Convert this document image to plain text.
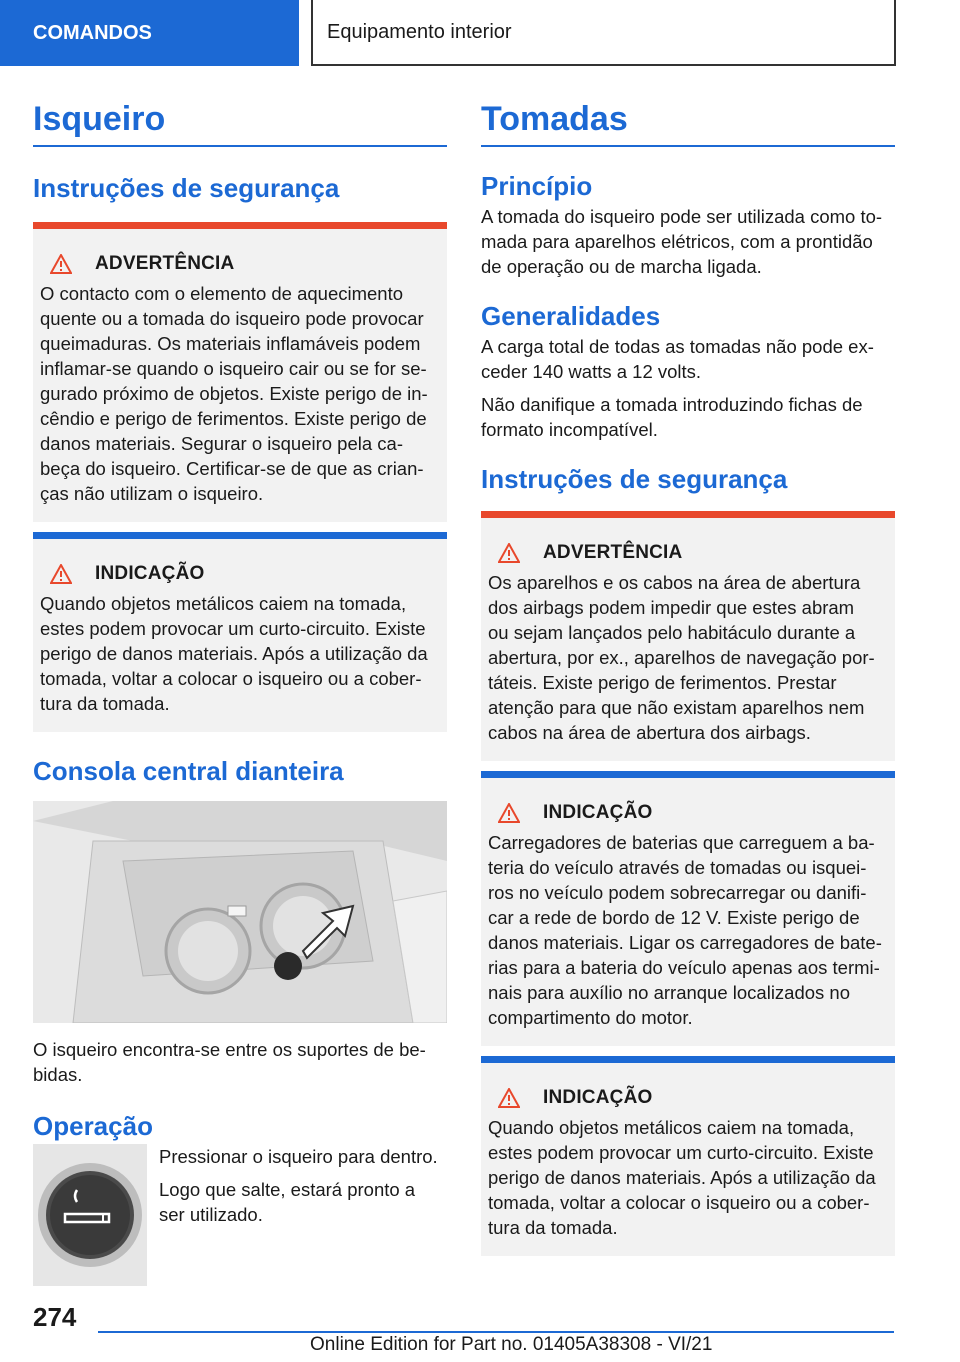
COMANDOS	Equipamento interior
Isqueiro
Instruções de segurança
ADVERTÊNCIA

O contacto com o elemento de aquecimento

quente ou a tomada do isqueiro pode provocar

queimaduras. Os materiais inflamáveis podem

inflamar-se quando o isqueiro cair ou se for se-

gurado próximo de objetos. Existe perigo de in-

cêndio e perigo de ferimentos. Existe perigo de

danos materiais. Segurar o isqueiro pela ca-

beça do isqueiro. Certificar-se de que as crian-

ças não utilizam o isqueiro.

INDICAÇÃO

Quando objetos metálicos caiem na tomada,

estes podem provocar um curto-circuito. Existe

perigo de danos materiais. Após a utilização da

tomada, voltar a colocar o isqueiro ou a cober-

tura da tomada.

Consola central dianteira

O isqueiro encontra-se entre os suportes de be-

bidas.

Operação

Pressionar o isqueiro para dentro.

Logo que salte, estará pronto a

ser utilizado.

Tomadas
Princípio

A tomada do isqueiro pode ser utilizada como to-

mada para aparelhos elétricos, com a prontidão

de operação ou de marcha ligada.

Generalidades

A carga total de todas as tomadas não pode ex-

ceder 140 watts a 12 volts.

Não danifique a tomada introduzindo fichas de

formato incompatível.

Instruções de segurança
ADVERTÊNCIA

Os aparelhos e os cabos na área de abertura

dos airbags podem impedir que estes abram

ou sejam lançados pelo habitáculo durante a

abertura, por ex., aparelhos de navegação por-

táteis. Existe perigo de ferimentos. Prestar

atenção para que não existam aparelhos nem

cabos na área de abertura dos airbags.

INDICAÇÃO

Carregadores de baterias que carreguem a ba-

teria do veículo através de tomadas ou isquei-

ros no veículo podem sobrecarregar ou danifi-

car a rede de bordo de 12 V. Existe perigo de

danos materiais. Ligar os carregadores de bate-

rias para a bateria do veículo apenas aos termi-

nais para auxílio no arranque localizados no

compartimento do motor.

INDICAÇÃO

Quando objetos metálicos caiem na tomada,

estes podem provocar um curto-circuito. Existe

perigo de danos materiais. Após a utilização da

tomada, voltar a colocar o isqueiro ou a cober-

tura da tomada.

274
Online Edition for Part no. 01405A38308 - VI/21
